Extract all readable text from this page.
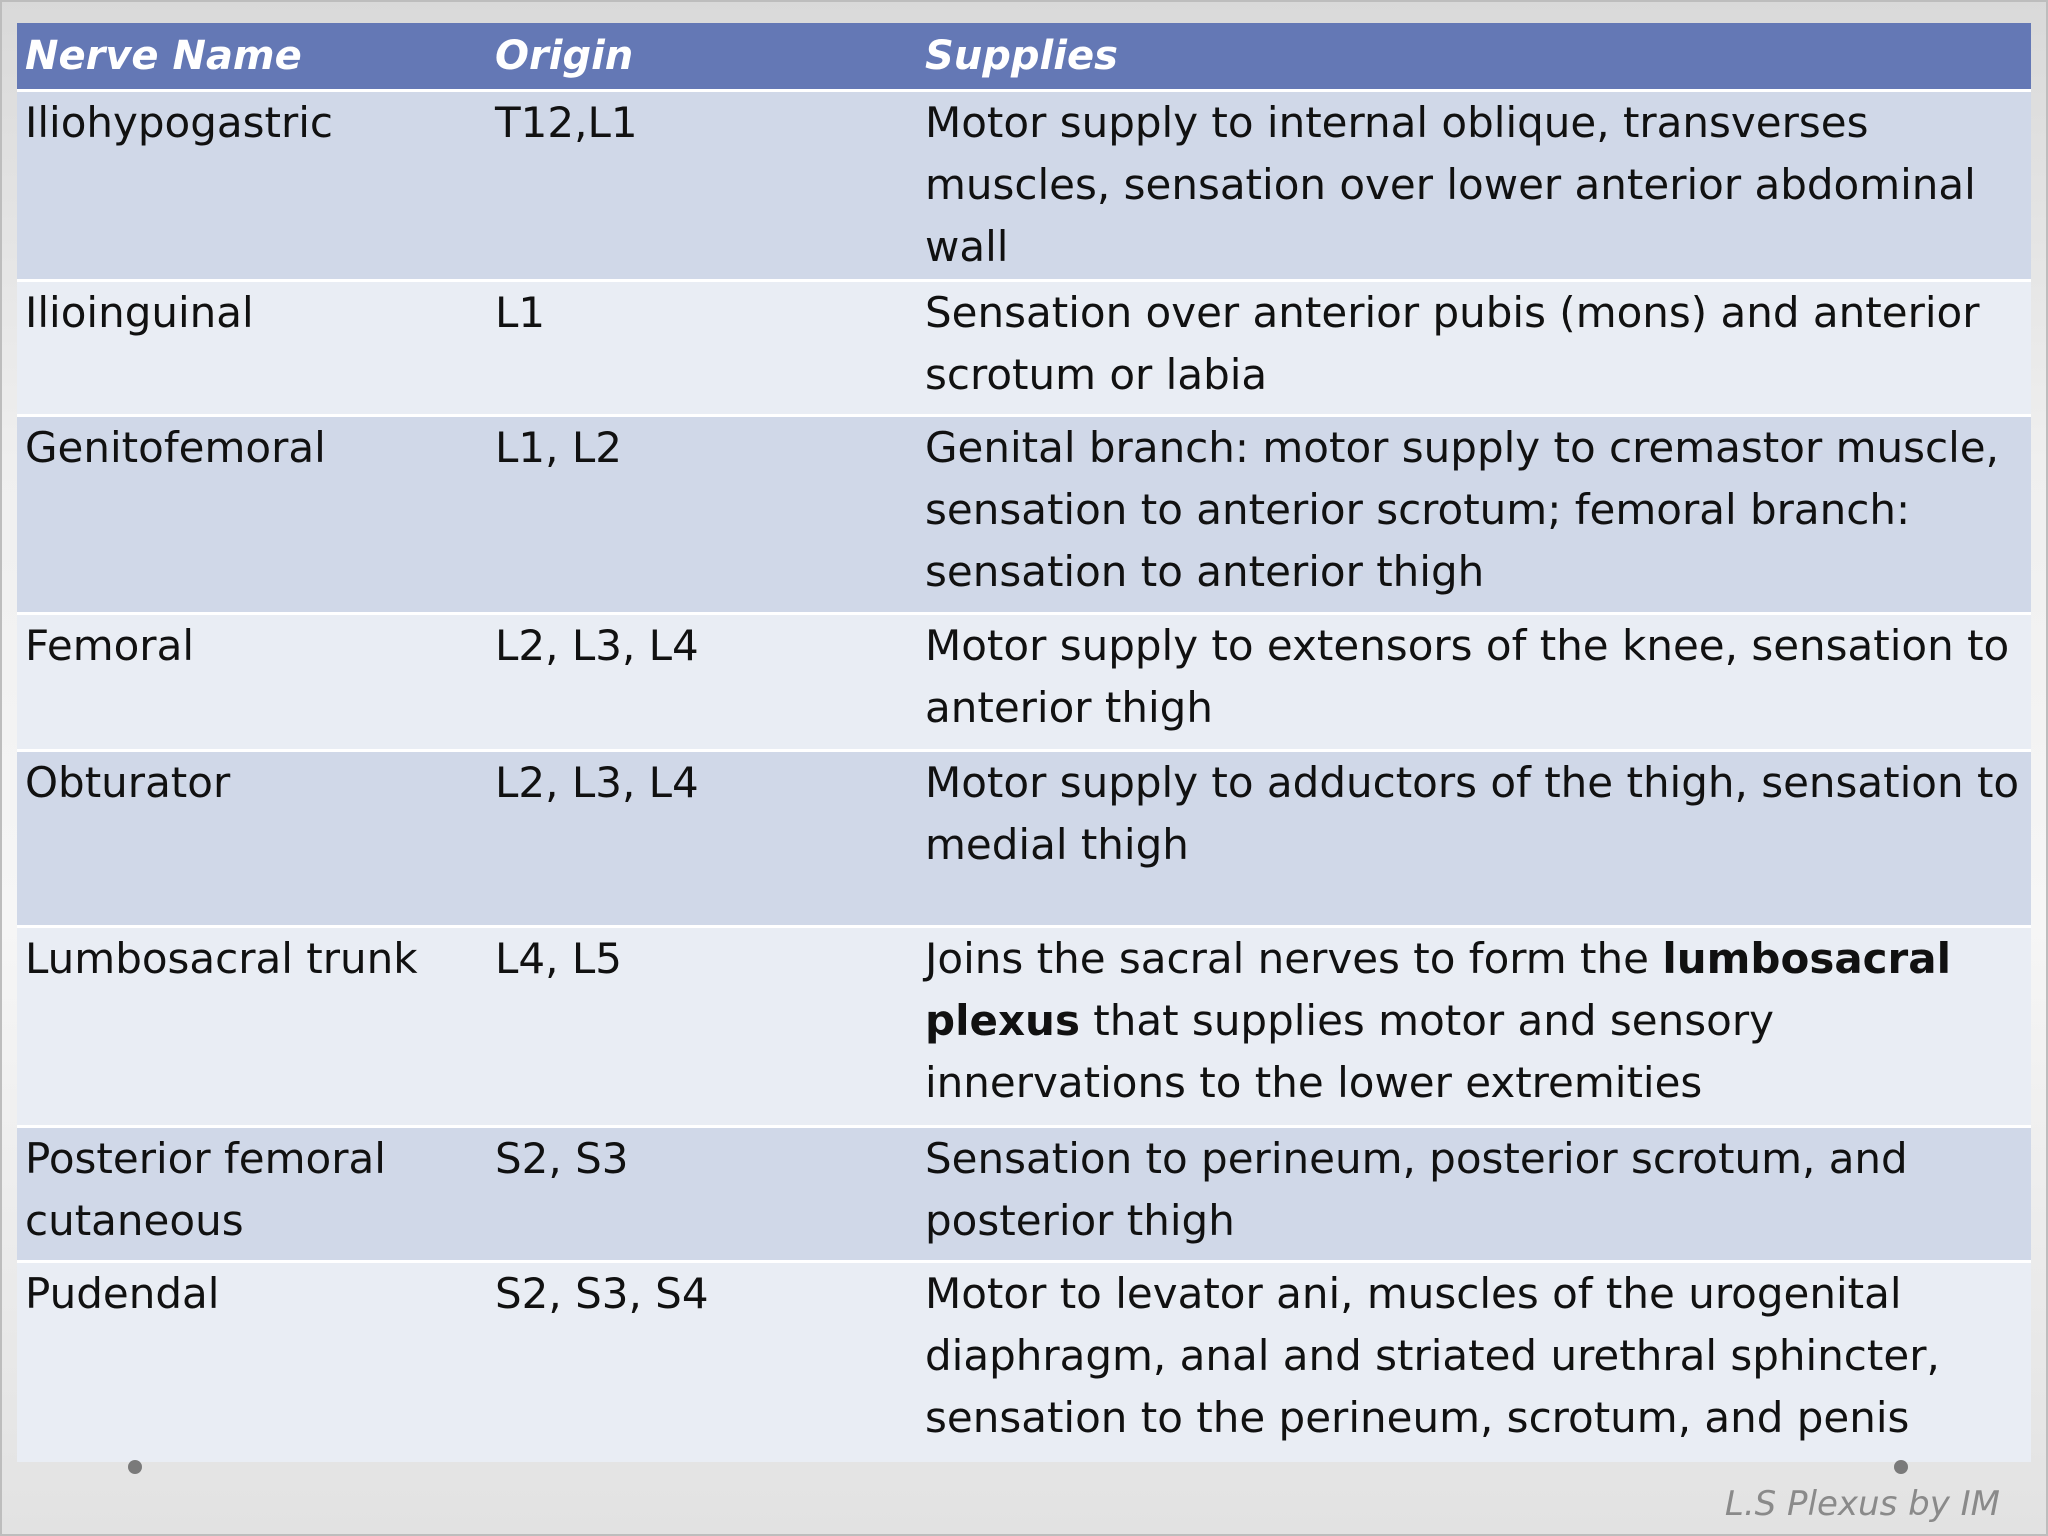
Nerve Name	Origin	Supplies
Iliohypogastric	T12,L1	Motor supply to internal oblique, transverses muscles, sensation over lower anterior abdominal wall
Ilioinguinal	L1	Sensation over anterior pubis (mons) and anterior scrotum or labia
Genitofemoral	L1, L2	Genital branch: motor supply to cremastor muscle, sensation to anterior scrotum; femoral branch: sensation to anterior thigh
Femoral	L2, L3, L4	Motor supply to extensors of the knee, sensation to anterior thigh
Obturator	L2, L3, L4	Motor supply to adductors of the thigh, sensation to medial thigh
Lumbosacral trunk	L4, L5	Joins the sacral nerves to form the lumbosacral plexus that supplies motor and sensory innervations to the lower extremities
Posterior femoral cutaneous	S2, S3	Sensation to perineum, posterior scrotum, and posterior thigh
Pudendal	S2, S3, S4	Motor to levator ani, muscles of the urogenital diaphragm, anal and striated urethral sphincter, sensation to the perineum, scrotum, and penis
L.S Plexus by IM
